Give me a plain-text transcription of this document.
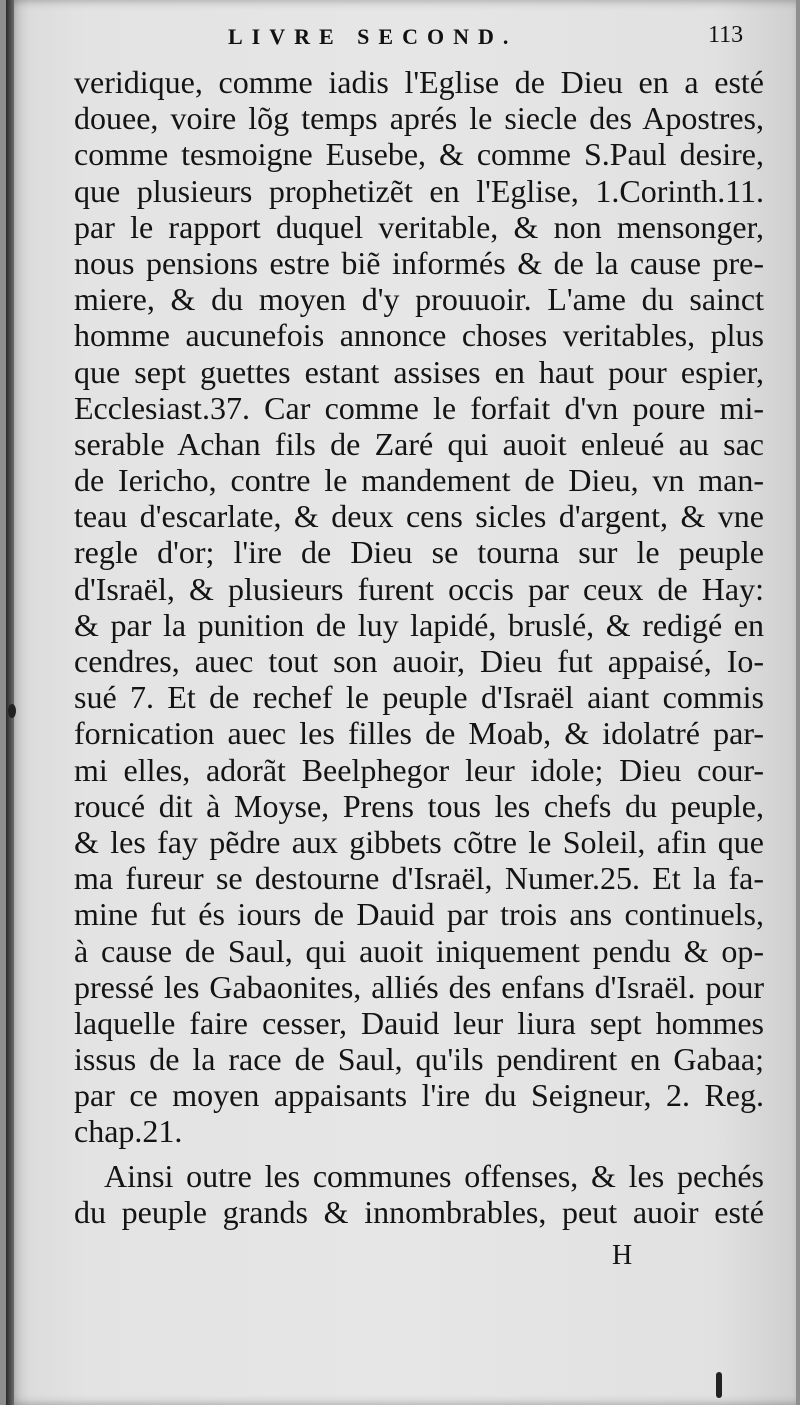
LIVRE SECOND.	113
veridique, comme iadis l'Eglise de Dieu en a esté
douee, voire lõg temps aprés le siecle des Apostres,
comme tesmoigne Eusebe, & comme S.Paul desire,
que plusieurs prophetizẽt en l'Eglise, 1.Corinth.11.
par le rapport duquel veritable, & non mensonger,
nous pensions estre biẽ informés & de la cause pre-
miere, & du moyen d'y prouuoir. L'ame du sainct
homme aucunefois annonce choses veritables, plus
que sept guettes estant assises en haut pour espier,
Ecclesiast.37. Car comme le forfait d'vn poure mi-
serable Achan fils de Zaré qui auoit enleué au sac
de Iericho, contre le mandement de Dieu, vn man-
teau d'escarlate, & deux cens sicles d'argent, & vne
regle d'or; l'ire de Dieu se tourna sur le peuple
d'Israël, & plusieurs furent occis par ceux de Hay:
& par la punition de luy lapidé, bruslé, & redigé en
cendres, auec tout son auoir, Dieu fut appaisé, Io-
sué 7. Et de rechef le peuple d'Israël aiant commis
fornication auec les filles de Moab, & idolatré par-
mi elles, adorãt Beelphegor leur idole; Dieu cour-
roucé dit à Moyse, Prens tous les chefs du peuple,
& les fay pẽdre aux gibbets cõtre le Soleil, afin que
ma fureur se destourne d'Israël, Numer.25. Et la fa-
mine fut és iours de Dauid par trois ans continuels,
à cause de Saul, qui auoit iniquement pendu & op-
pressé les Gabaonites, alliés des enfans d'Israël. pour
laquelle faire cesser, Dauid leur liura sept hommes
issus de la race de Saul, qu'ils pendirent en Gabaa;
par ce moyen appaisants l'ire du Seigneur, 2. Reg.
chap.21.
Ainsi outre les communes offenses, & les pechés
du peuple grands & innombrables, peut auoir esté
H
